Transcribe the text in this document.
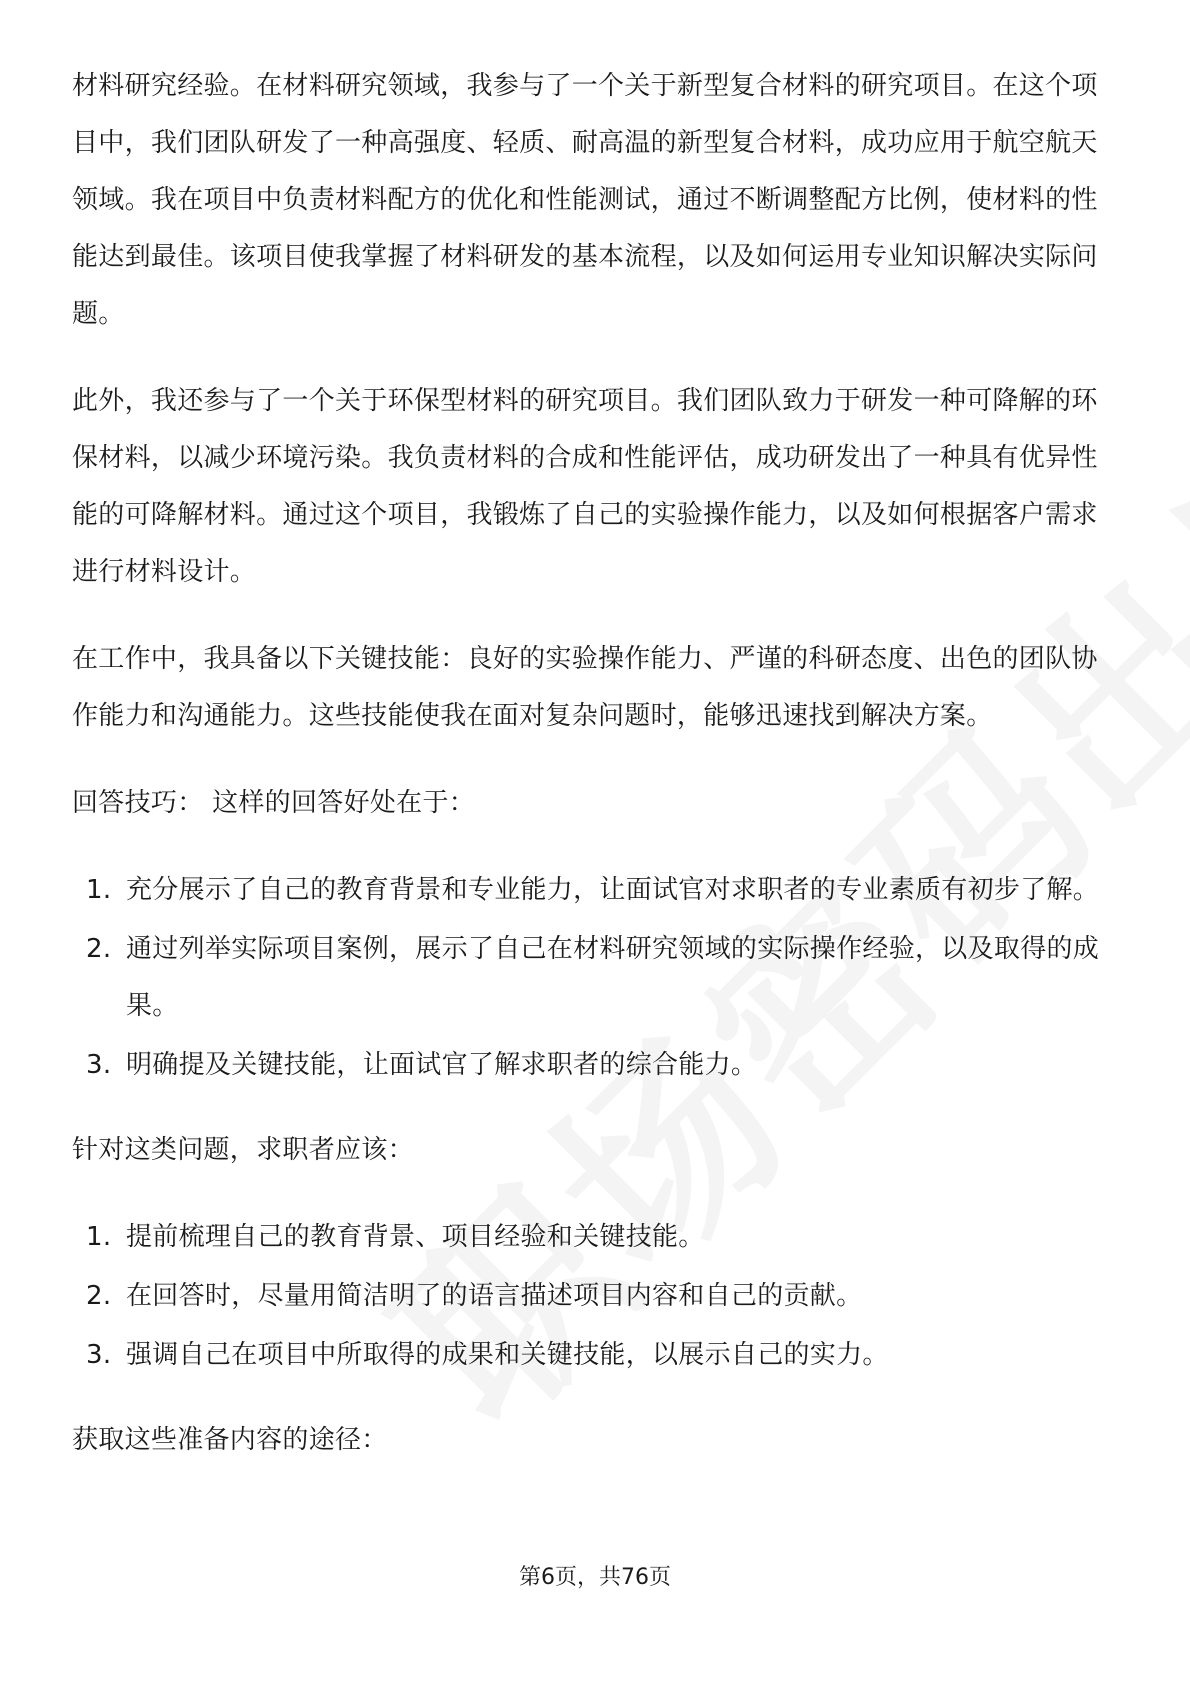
材料研究经验。在材料研究领域，我参与了一个关于新型复合材料的研究项目。在这个项目中，我们团队研发了一种高强度、轻质、耐高温的新型复合材料，成功应用于航空航天领域。我在项目中负责材料配方的优化和性能测试，通过不断调整配方比例，使材料的性能达到最佳。该项目使我掌握了材料研发的基本流程，以及如何运用专业知识解决实际问题。

此外，我还参与了一个关于环保型材料的研究项目。我们团队致力于研发一种可降解的环保材料，以减少环境污染。我负责材料的合成和性能评估，成功研发出了一种具有优异性能的可降解材料。通过这个项目，我锻炼了自己的实验操作能力，以及如何根据客户需求进行材料设计。

在工作中，我具备以下关键技能：良好的实验操作能力、严谨的科研态度、出色的团队协作能力和沟通能力。这些技能使我在面对复杂问题时，能够迅速找到解决方案。

回答技巧： 这样的回答好处在于：

1. 充分展示了自己的教育背景和专业能力，让面试官对求职者的专业素质有初步了解。
2. 通过列举实际项目案例，展示了自己在材料研究领域的实际操作经验，以及取得的成果。
3. 明确提及关键技能，让面试官了解求职者的综合能力。

针对这类问题，求职者应该：

1. 提前梳理自己的教育背景、项目经验和关键技能。
2. 在回答时，尽量用简洁明了的语言描述项目内容和自己的贡献。
3. 强调自己在项目中所取得的成果和关键技能，以展示自己的实力。

获取这些准备内容的途径：

第6页，共76页
